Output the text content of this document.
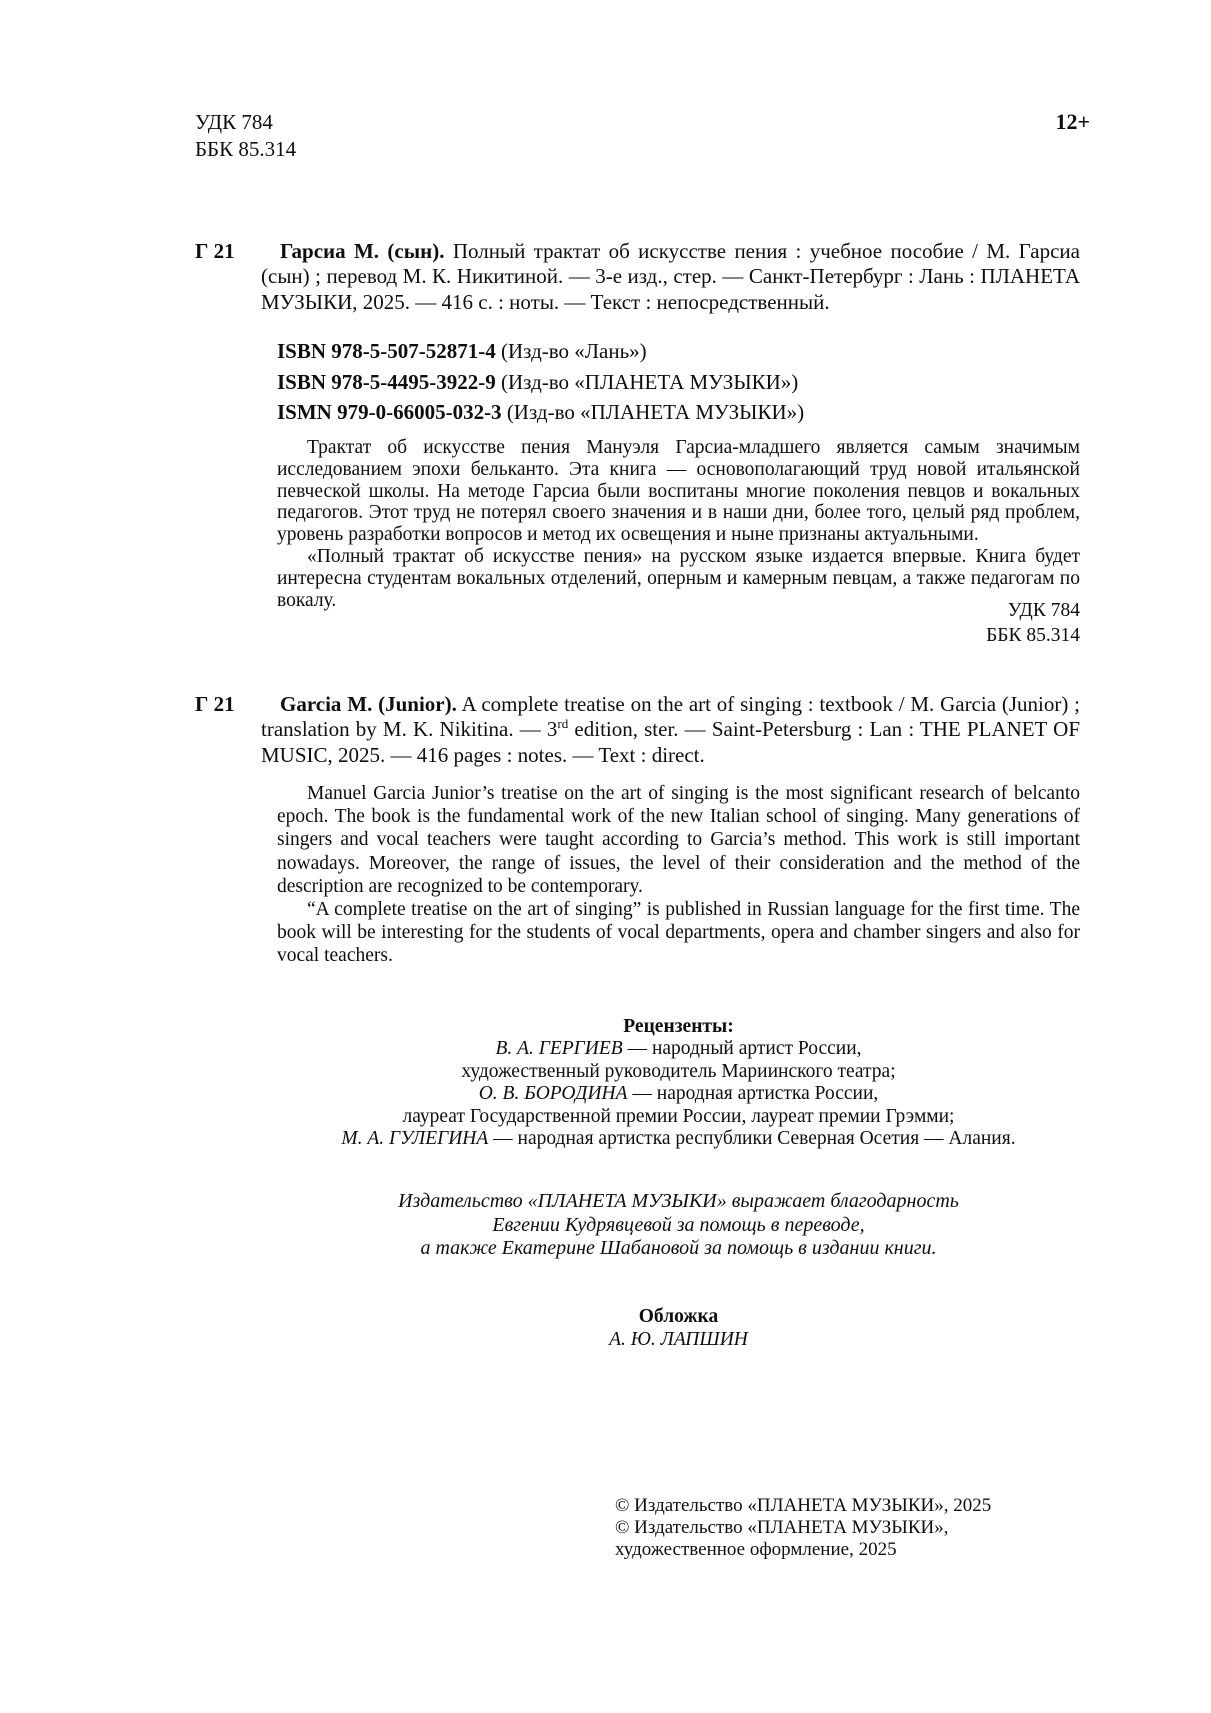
УДК 784
ББК 85.314
12+
Г 21	Гарсиа М. (сын). Полный трактат об искусстве пения : учебное пособие / М. Гарсиа (сын) ; перевод М. К. Никитиной. — 3-е изд., стер. — Санкт-Петербург : Лань : ПЛАНЕТА МУЗЫКИ, 2025. — 416 с. : ноты. — Текст : непосредственный.
ISBN 978-5-507-52871-4 (Изд-во «Лань»)
ISBN 978-5-4495-3922-9 (Изд-во «ПЛАНЕТА МУЗЫКИ»)
ISMN 979-0-66005-032-3 (Изд-во «ПЛАНЕТА МУЗЫКИ»)

Трактат об искусстве пения Мануэля Гарсиа-младшего является самым значимым исследованием эпохи бельканто. Эта книга — основополагающий труд новой итальянской певческой школы. На методе Гарсиа были воспитаны многие поколения певцов и вокальных педагогов. Этот труд не потерял своего значения и в наши дни, более того, целый ряд проблем, уровень разработки вопросов и метод их освещения и ныне признаны актуальными.

«Полный трактат об искусстве пения» на русском языке издается впервые. Книга будет интересна студентам вокальных отделений, оперным и камерным певцам, а также педагогам по вокалу.	УДК 784
ББК 85.314
Г 21	Garcia M. (Junior). A complete treatise on the art of singing : textbook / M. Garcia (Junior) ; translation by M. K. Nikitina. — 3rd edition, ster. — Saint-Petersburg : Lan : THE PLANET OF MUSIC, 2025. — 416 pages : notes. — Text : direct.

Manuel Garcia Junior’s treatise on the art of singing is the most significant research of belcanto epoch. The book is the fundamental work of the new Italian school of singing. Many generations of singers and vocal teachers were taught according to Garcia’s method. This work is still important nowadays. Moreover, the range of issues, the level of their consideration and the method of the description are recognized to be contemporary.

“A complete treatise on the art of singing” is published in Russian language for the first time. The book will be interesting for the students of vocal departments, opera and chamber singers and also for vocal teachers.

Рецензенты:
В. А. ГЕРГИЕВ — народный артист России,
художественный руководитель Мариинского театра;
О. В. БОРОДИНА — народная артистка России,
лауреат Государственной премии России, лауреат премии Грэмми;
М. А. ГУЛЕГИНА — народная артистка республики Северная Осетия — Алания.
Издательство «ПЛАНЕТА МУЗЫКИ» выражает благодарность
Евгении Кудрявцевой за помощь в переводе,
а также Екатерине Шабановой за помощь в издании книги.
Обложка
А. Ю. ЛАПШИН
© Издательство «ПЛАНЕТА МУЗЫКИ», 2025
© Издательство «ПЛАНЕТА МУЗЫКИ», художественное оформление, 2025
